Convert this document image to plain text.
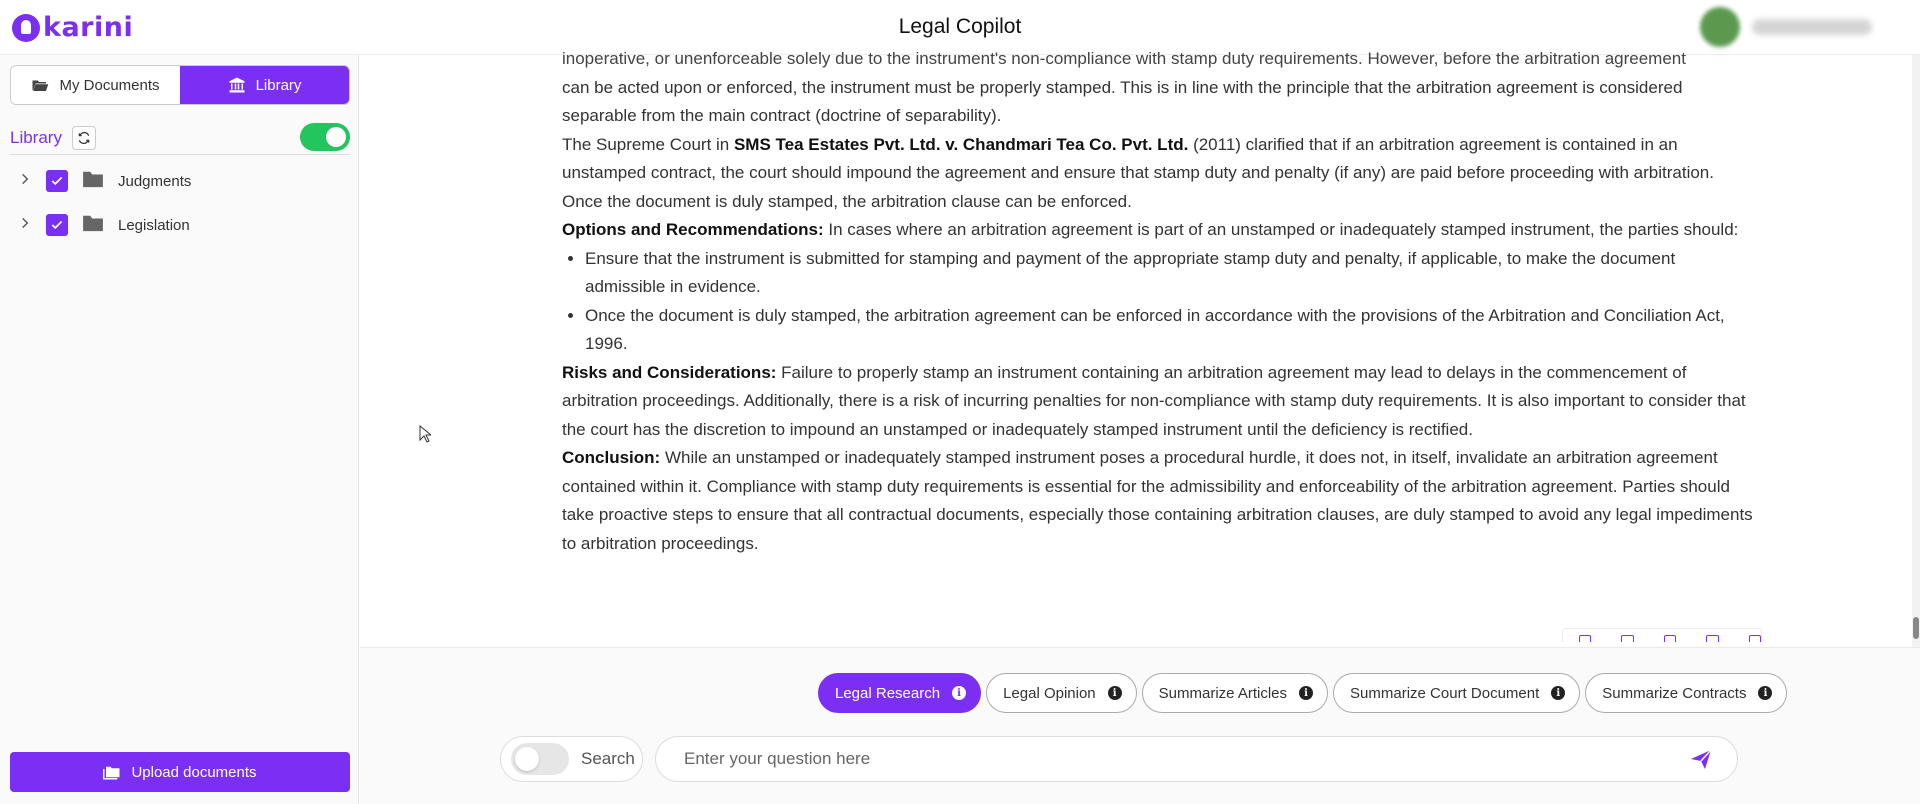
karini	Legal Copilot
My Documents	Library
Library
Judgments
Legislation
Upload documents

inoperative, or unenforceable solely due to the instrument's non-compliance with stamp duty requirements. However, before the arbitration agreement

can be acted upon or enforced, the instrument must be properly stamped. This is in line with the principle that the arbitration agreement is considered separable from the main contract (doctrine of separability).

The Supreme Court in SMS Tea Estates Pvt. Ltd. v. Chandmari Tea Co. Pvt. Ltd. (2011) clarified that if an arbitration agreement is contained in an unstamped contract, the court should impound the agreement and ensure that stamp duty and penalty (if any) are paid before proceeding with arbitration. Once the document is duly stamped, the arbitration clause can be enforced.

Options and Recommendations: In cases where an arbitration agreement is part of an unstamped or inadequately stamped instrument, the parties should:

• Ensure that the instrument is submitted for stamping and payment of the appropriate stamp duty and penalty, if applicable, to make the document admissible in evidence.
• Once the document is duly stamped, the arbitration agreement can be enforced in accordance with the provisions of the Arbitration and Conciliation Act, 1996.

Risks and Considerations: Failure to properly stamp an instrument containing an arbitration agreement may lead to delays in the commencement of arbitration proceedings. Additionally, there is a risk of incurring penalties for non-compliance with stamp duty requirements. It is also important to consider that the court has the discretion to impound an unstamped or inadequately stamped instrument until the deficiency is rectified.

Conclusion: While an unstamped or inadequately stamped instrument poses a procedural hurdle, it does not, in itself, invalidate an arbitration agreement contained within it. Compliance with stamp duty requirements is essential for the admissibility and enforceability of the arbitration agreement. Parties should take proactive steps to ensure that all contractual documents, especially those containing arbitration clauses, are duly stamped to avoid any legal impediments to arbitration proceedings.

Legal Research	i	Legal Opinion	i	Summarize Articles	i	Summarize Court Document	i	Summarize Contracts	i
Search
Enter your question here
